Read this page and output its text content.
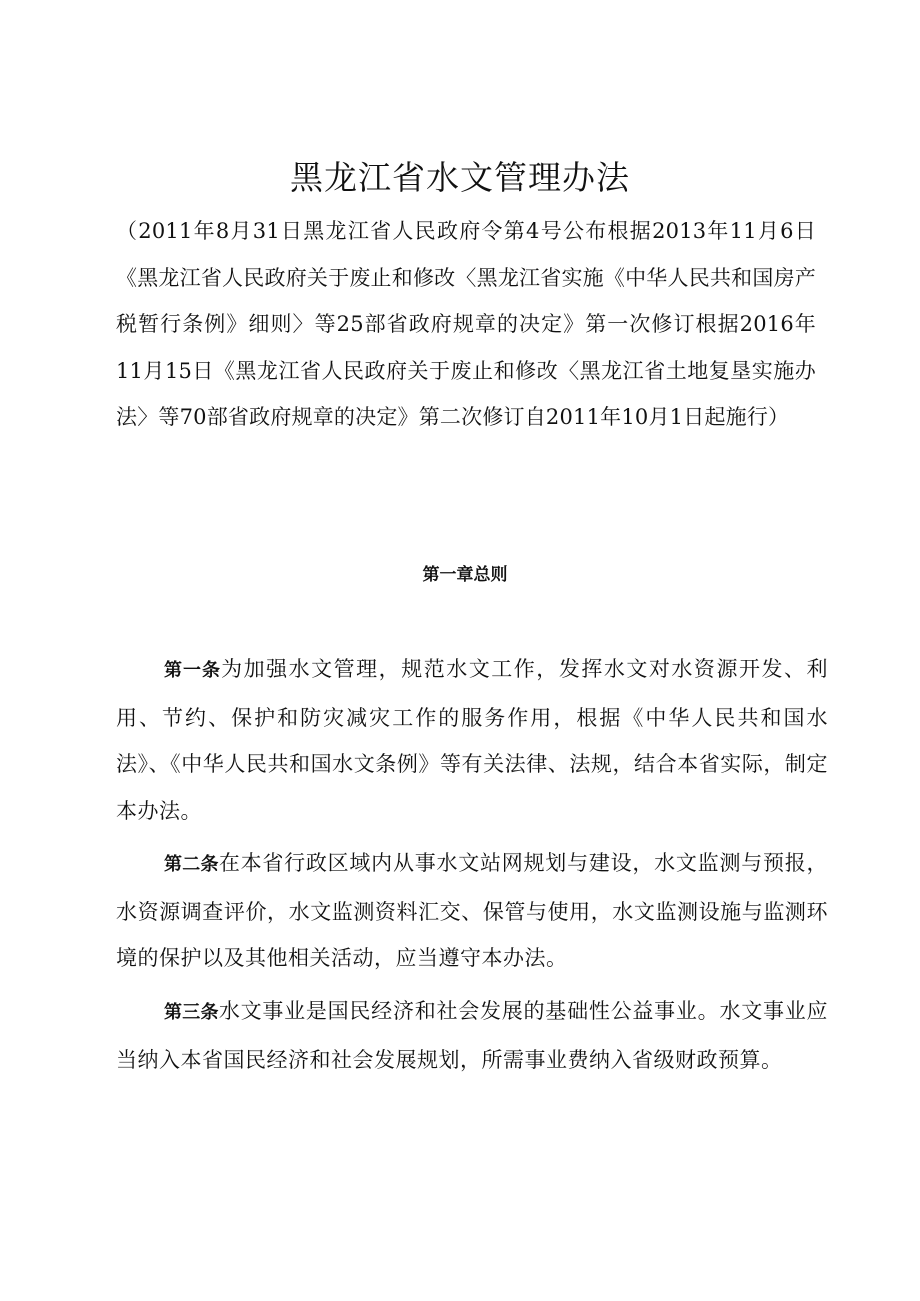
黑龙江省水文管理办法

（2011年8月31日黑龙江省人民政府令第4号公布根据2013年11月6日《黑龙江省人民政府关于废止和修改〈黑龙江省实施《中华人民共和国房产税暂行条例》细则〉等25部省政府规章的决定》第一次修订根据2016年11月15日《黑龙江省人民政府关于废止和修改〈黑龙江省土地复垦实施办法〉等70部省政府规章的决定》第二次修订自2011年10月1日起施行）

第一章总则

第一条为加强水文管理，规范水文工作，发挥水文对水资源开发、利用、节约、保护和防灾减灾工作的服务作用，根据《中华人民共和国水法》、《中华人民共和国水文条例》等有关法律、法规，结合本省实际，制定本办法。

第二条在本省行政区域内从事水文站网规划与建设，水文监测与预报，水资源调查评价，水文监测资料汇交、保管与使用，水文监测设施与监测环境的保护以及其他相关活动，应当遵守本办法。

第三条水文事业是国民经济和社会发展的基础性公益事业。水文事业应当纳入本省国民经济和社会发展规划，所需事业费纳入省级财政预算。
